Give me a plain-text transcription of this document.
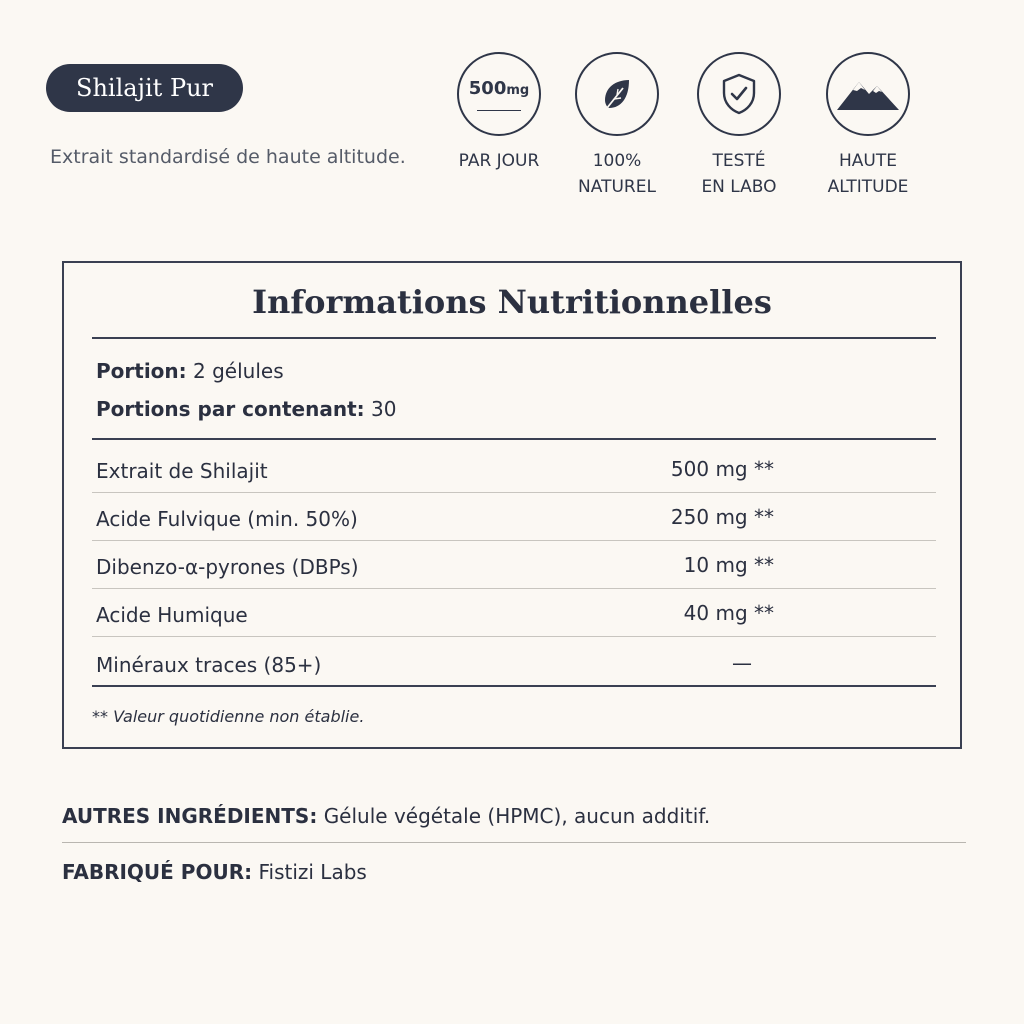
Shilajit Pur
Extrait standardisé de haute altitude.
500mg
PAR JOUR	100%
NATUREL
TESTÉ
EN LABO
HAUTE
ALTITUDE
Informations Nutritionnelles
Portion: 2 gélules
Portions par contenant: 30
Extrait de Shilajit	500 mg **
Acide Fulvique (min. 50%)	250 mg **
Dibenzo-α-pyrones (DBPs)	10 mg **
Acide Humique	40 mg **
Minéraux traces (85+)	—
** Valeur quotidienne non établie.
AUTRES INGRÉDIENTS: Gélule végétale (HPMC), aucun additif.
FABRIQUÉ POUR: Fistizi Labs
